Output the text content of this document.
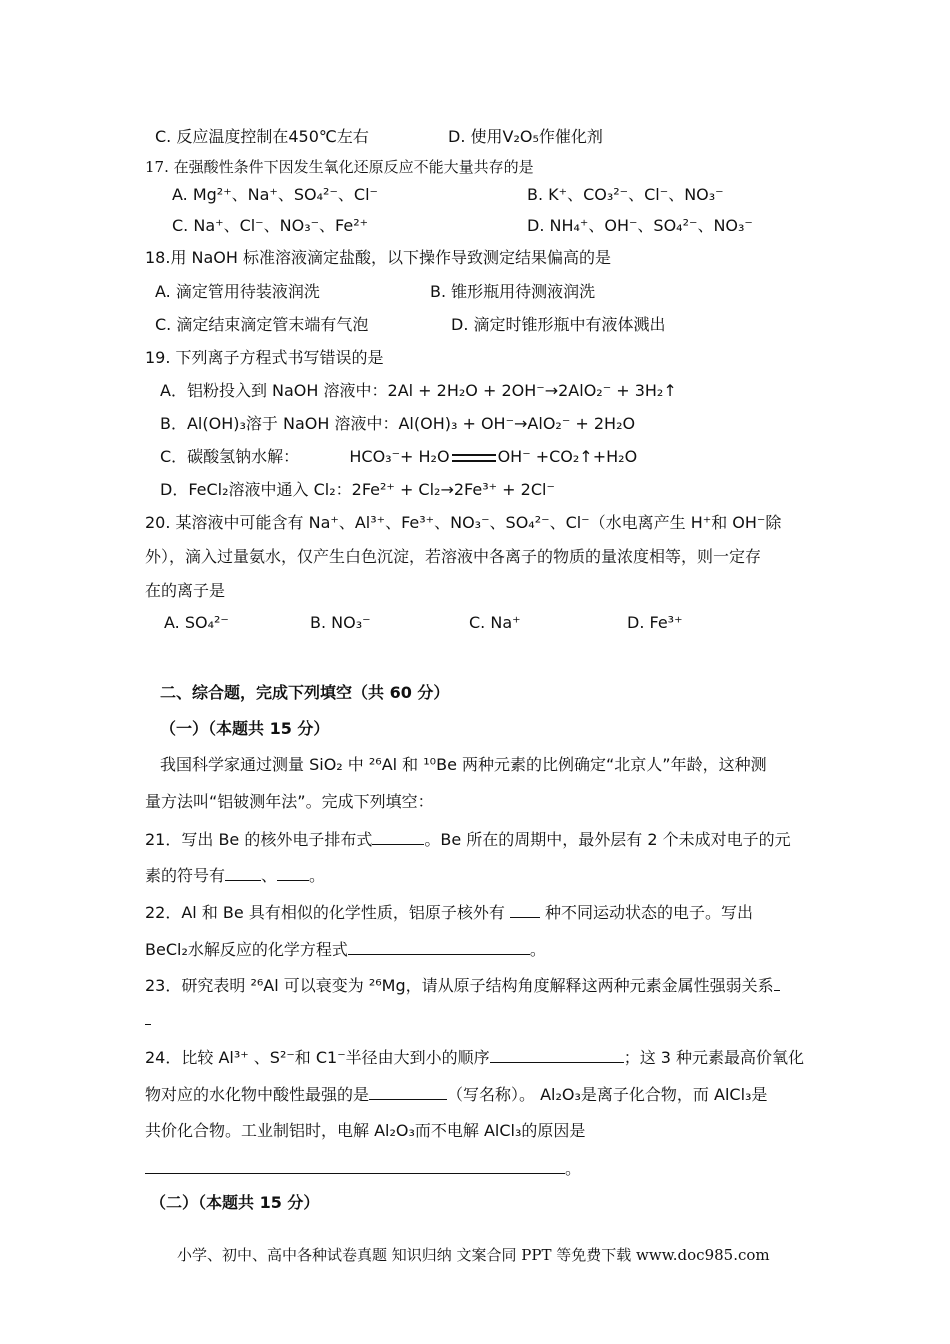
C. 反应温度控制在450℃左右	D. 使用V₂O₅作催化剂
17. 在强酸性条件下因发生氧化还原反应不能大量共存的是
A. Mg²⁺、Na⁺、SO₄²⁻、Cl⁻	B. K⁺、CO₃²⁻、Cl⁻、NO₃⁻
C. Na⁺、Cl⁻、NO₃⁻、Fe²⁺	D. NH₄⁺、OH⁻、SO₄²⁻、NO₃⁻
18.用 NaOH 标准溶液滴定盐酸，以下操作导致测定结果偏高的是
A. 滴定管用待装液润洗	B. 锥形瓶用待测液润洗
C. 滴定结束滴定管末端有气泡	D. 滴定时锥形瓶中有液体溅出
19. 下列离子方程式书写错误的是
A．铝粉投入到 NaOH 溶液中：2Al + 2H₂O + 2OH⁻→2AlO₂⁻ + 3H₂↑
B．Al(OH)₃溶于 NaOH 溶液中：Al(OH)₃ + OH⁻→AlO₂⁻ + 2H₂O
C．碳酸氢钠水解：	HCO₃⁻+ H₂O	OH⁻ +CO₂↑+H₂O
D．FeCl₂溶液中通入 Cl₂：2Fe²⁺ + Cl₂→2Fe³⁺ + 2Cl⁻
20. 某溶液中可能含有 Na⁺、Al³⁺、Fe³⁺、NO₃⁻、SO₄²⁻、Cl⁻（水电离产生 H⁺和 OH⁻除
外），滴入过量氨水，仅产生白色沉淀，若溶液中各离子的物质的量浓度相等，则一定存
在的离子是
A. SO₄²⁻	B. NO₃⁻	C. Na⁺	D. Fe³⁺
二、综合题，完成下列填空（共 60 分）
（一）（本题共 15 分）
我国科学家通过测量 SiO₂ 中 ²⁶Al 和 ¹⁰Be 两种元素的比例确定“北京人”年龄，这种测
量方法叫“铝铍测年法”。完成下列填空：
21．写出 Be 的核外电子排布式	。Be 所在的周期中，最外层有 2 个未成对电子的元
素的符号有 、 。
22．Al 和 Be 具有相似的化学性质，铝原子核外有	种不同运动状态的电子。写出
BeCl₂水解反应的化学方程式	。
23．研究表明 ²⁶Al 可以衰变为 ²⁶Mg，请从原子结构角度解释这两种元素金属性强弱关系
24．比较 Al³⁺ 、S²⁻和 C1⁻半径由大到小的顺序	；这 3 种元素最高价氧化
物对应的水化物中酸性最强的是	（写名称）。 Al₂O₃是离子化合物，而 AlCl₃是
共价化合物。工业制铝时，电解 Al₂O₃而不电解 AlCl₃的原因是
。
（二）（本题共 15 分）
小学、初中、高中各种试卷真题 知识归纳 文案合同 PPT 等免费下载 www.doc985.com
